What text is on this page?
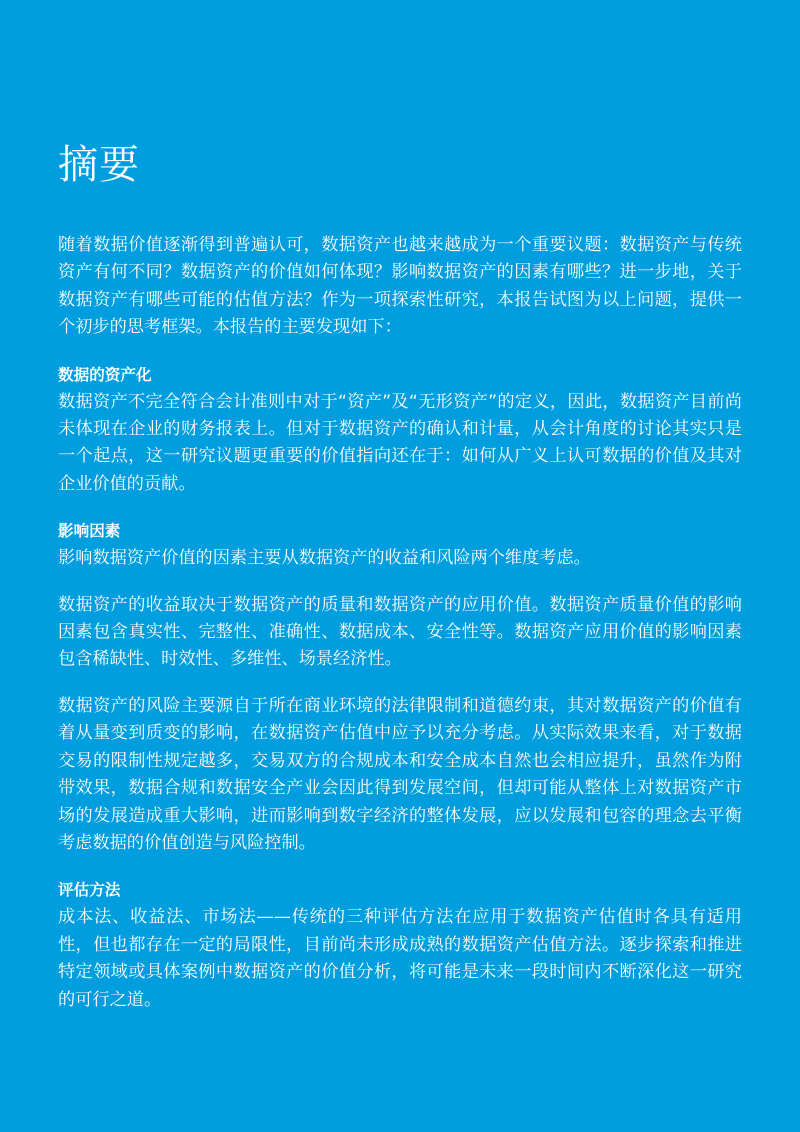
摘要

随着数据价值逐渐得到普遍认可，数据资产也越来越成为一个重要议题：数据资产与传统资产有何不同？数据资产的价值如何体现？影响数据资产的因素有哪些？进一步地，关于数据资产有哪些可能的估值方法？作为一项探索性研究，本报告试图为以上问题，提供一个初步的思考框架。本报告的主要发现如下：

数据的资产化

数据资产不完全符合会计准则中对于“资产”及“无形资产”的定义，因此，数据资产目前尚未体现在企业的财务报表上。但对于数据资产的确认和计量，从会计角度的讨论其实只是一个起点，这一研究议题更重要的价值指向还在于：如何从广义上认可数据的价值及其对企业价值的贡献。

影响因素

影响数据资产价值的因素主要从数据资产的收益和风险两个维度考虑。

数据资产的收益取决于数据资产的质量和数据资产的应用价值。数据资产质量价值的影响因素包含真实性、完整性、准确性、数据成本、安全性等。数据资产应用价值的影响因素包含稀缺性、时效性、多维性、场景经济性。

数据资产的风险主要源自于所在商业环境的法律限制和道德约束，其对数据资产的价值有着从量变到质变的影响，在数据资产估值中应予以充分考虑。从实际效果来看，对于数据交易的限制性规定越多，交易双方的合规成本和安全成本自然也会相应提升，虽然作为附带效果，数据合规和数据安全产业会因此得到发展空间，但却可能从整体上对数据资产市场的发展造成重大影响，进而影响到数字经济的整体发展，应以发展和包容的理念去平衡考虑数据的价值创造与风险控制。

评估方法

成本法、收益法、市场法——传统的三种评估方法在应用于数据资产估值时各具有适用性，但也都存在一定的局限性，目前尚未形成成熟的数据资产估值方法。逐步探索和推进特定领域或具体案例中数据资产的价值分析，将可能是未来一段时间内不断深化这一研究的可行之道。
